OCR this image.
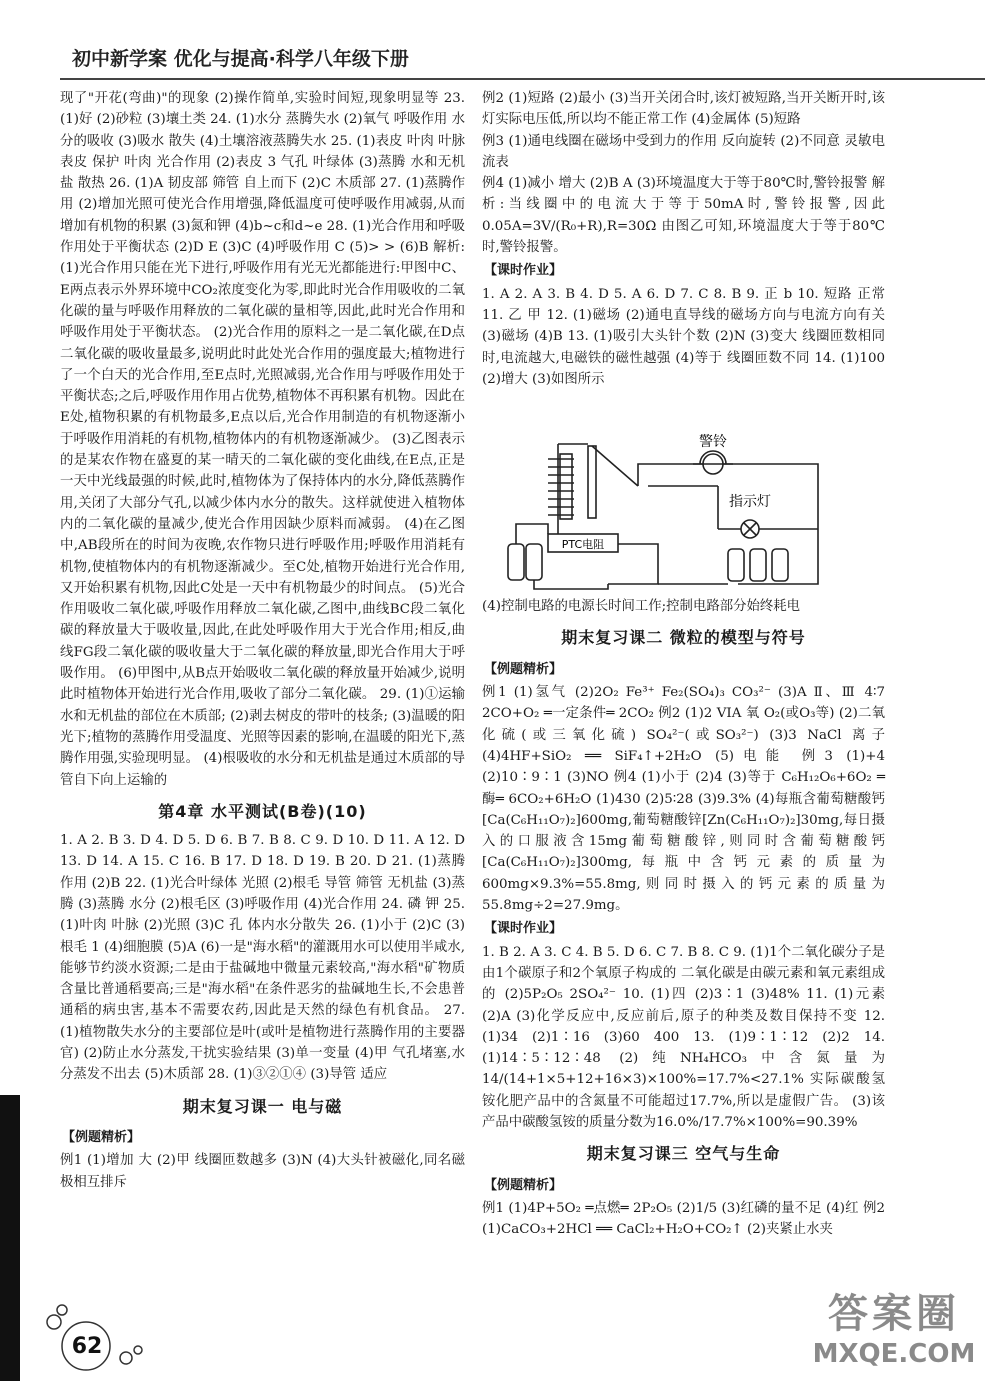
初中新学案 优化与提高·科学八年级下册

现了"开花(弯曲)"的现象 (2)操作简单,实验时间短,现象明显等 23. (1)好 (2)砂粒 (3)壤土类 24. (1)水分 蒸腾失水 (2)氧气 呼吸作用 水分的吸收 (3)吸水 散失 (4)土壤溶液蒸腾失水 25. (1)表皮 叶肉 叶脉 表皮 保护 叶肉 光合作用 (2)表皮 3 气孔 叶绿体 (3)蒸腾 水和无机盐 散热 26. (1)A 韧皮部 筛管 自上而下 (2)C 木质部 27. (1)蒸腾作用 (2)增加光照可使光合作用增强,降低温度可使呼吸作用减弱,从而增加有机物的积累 (3)氮和钾 (4)b~c和d~e 28. (1)光合作用和呼吸作用处于平衡状态 (2)D E (3)C (4)呼吸作用 C (5)> > (6)B 解析:(1)光合作用只能在光下进行,呼吸作用有光无光都能进行:甲图中C、E两点表示外界环境中CO₂浓度变化为零,即此时光合作用吸收的二氧化碳的量与呼吸作用释放的二氧化碳的量相等,因此,此时光合作用和呼吸作用处于平衡状态。 (2)光合作用的原料之一是二氧化碳,在D点二氧化碳的吸收量最多,说明此时此处光合作用的强度最大;植物进行了一个白天的光合作用,至E点时,光照减弱,光合作用与呼吸作用处于平衡状态;之后,呼吸作用作用占优势,植物体不再积累有机物。因此在E处,植物积累的有机物最多,E点以后,光合作用制造的有机物逐渐小于呼吸作用消耗的有机物,植物体内的有机物逐渐减少。 (3)乙图表示的是某农作物在盛夏的某一晴天的二氧化碳的变化曲线,在E点,正是一天中光线最强的时候,此时,植物体为了保持体内的水分,降低蒸腾作用,关闭了大部分气孔,以减少体内水分的散失。这样就使进入植物体内的二氧化碳的量减少,使光合作用因缺少原料而减弱。 (4)在乙图中,AB段所在的时间为夜晚,农作物只进行呼吸作用;呼吸作用消耗有机物,使植物体内的有机物逐渐减少。至C处,植物开始进行光合作用,又开始积累有机物,因此C处是一天中有机物最少的时间点。 (5)光合作用吸收二氧化碳,呼吸作用释放二氧化碳,乙图中,曲线BC段二氧化碳的释放量大于吸收量,因此,在此处呼吸作用大于光合作用;相反,曲线FG段二氧化碳的吸收量大于二氧化碳的释放量,即光合作用大于呼吸作用。 (6)甲图中,从B点开始吸收二氧化碳的释放量开始减少,说明此时植物体开始进行光合作用,吸收了部分二氧化碳。 29. (1)①运输水和无机盐的部位在木质部; (2)剥去树皮的带叶的枝条; (3)温暖的阳光下;植物的蒸腾作用受温度、光照等因素的影响,在温暖的阳光下,蒸腾作用强,实验现明显。 (4)根吸收的水分和无机盐是通过木质部的导管自下向上运输的

第4章 水平测试(B卷)(10)

1. A 2. B 3. D 4. D 5. D 6. B 7. B 8. C 9. D 10. D 11. A 12. D 13. D 14. A 15. C 16. B 17. D 18. D 19. B 20. D 21. (1)蒸腾作用 (2)B 22. (1)光合叶绿体 光照 (2)根毛 导管 筛管 无机盐 (3)蒸腾 (3)蒸腾 水分 (2)根毛区 (3)呼吸作用 (4)光合作用 24. 磷 钾 25. (1)叶肉 叶脉 (2)光照 (3)C 孔 体内水分散失 26. (1)小于 (2)C (3)根毛 1 (4)细胞膜 (5)A (6)一是"海水稻"的灌溉用水可以使用半咸水,能够节约淡水资源;二是由于盐碱地中微量元素较高,"海水稻"矿物质含量比普通稻要高;三是"海水稻"在条件恶劣的盐碱地生长,不会患普通稻的病虫害,基本不需要农药,因此是天然的绿色有机食品。 27. (1)植物散失水分的主要部位是叶(或叶是植物进行蒸腾作用的主要器官) (2)防止水分蒸发,干扰实验结果 (3)单一变量 (4)甲 气孔堵塞,水分蒸发不出去 (5)木质部 28. (1)③②①④ (3)导管 适应

期末复习课一 电与磁
【例题精析】

例1 (1)增加 大 (2)甲 线圈匝数越多 (3)N (4)大头针被磁化,同名磁极相互排斥

例2 (1)短路 (2)最小 (3)当开关闭合时,该灯被短路,当开关断开时,该灯实际电压低,所以均不能正常工作 (4)金属体 (5)短路

例3 (1)通电线圈在磁场中受到力的作用 反向旋转 (2)不同意 灵敏电流表

例4 (1)减小 增大 (2)B A (3)环境温度大于等于80℃时,警铃报警 解析:当线圈中的电流大于等于50mA时,警铃报警,因此0.05A=3V/(R₀+R),R=30Ω 由图乙可知,环境温度大于等于80℃时,警铃报警。

【课时作业】

1. A 2. A 3. B 4. D 5. A 6. D 7. C 8. B 9. 正 b 10. 短路 正常 11. 乙 甲 12. (1)磁场 (2)通电直导线的磁场方向与电流方向有关 (3)磁场 (4)B 13. (1)吸引大头针个数 (2)N (3)变大 线圈匝数相同时,电流越大,电磁铁的磁性越强 (4)等于 线圈匝数不同 14. (1)100 (2)增大 (3)如图所示

警铃
指示灯
PTC电阻

(4)控制电路的电源长时间工作;控制电路部分始终耗电

期末复习课二 微粒的模型与符号
【例题精析】

例1 (1)氢气 (2)2O₂ Fe³⁺ Fe₂(SO₄)₃ CO₃²⁻ (3)A Ⅱ、Ⅲ 4∶7 2CO+O₂ ═一定条件═ 2CO₂ 例2 (1)2 VIA 氧 O₂(或O₃等) (2)二氧化硫(或三氧化硫) SO₄²⁻(或SO₃²⁻) (3)3 NaCl 离子 (4)4HF+SiO₂ ══ SiF₄↑+2H₂O (5)电能 例3 (1)+4 (2)10∶9∶1 (3)NO 例4 (1)小于 (2)4 (3)等于 C₆H₁₂O₆+6O₂ ═酶═ 6CO₂+6H₂O (1)430 (2)5∶28 (3)9.3% (4)每瓶含葡萄糖酸钙[Ca(C₆H₁₁O₇)₂]600mg,葡萄糖酸锌[Zn(C₆H₁₁O₇)₂]30mg,每日摄入的口服液含15mg葡萄糖酸锌,则同时含葡萄糖酸钙[Ca(C₆H₁₁O₇)₂]300mg,每瓶中含钙元素的质量为600mg×9.3%=55.8mg,则同时摄入的钙元素的质量为55.8mg÷2=27.9mg。

【课时作业】

1. B 2. A 3. C 4. B 5. D 6. C 7. B 8. C 9. (1)1个二氧化碳分子是由1个碳原子和2个氧原子构成的 二氧化碳是由碳元素和氧元素组成的 (2)5P₂O₅ 2SO₄²⁻ 10. (1)四 (2)3∶1 (3)48% 11. (1)元素 (2)A (3)化学反应中,反应前后,原子的种类及数目保持不变 12. (1)34 (2)1∶16 (3)60 400 13. (1)9∶1∶12 (2)2 14. (1)14∶5∶12∶48 (2)纯NH₄HCO₃中含氮量为14/(14+1×5+12+16×3)×100%=17.7%<27.1% 实际碳酸氢铵化肥产品中的含氮量不可能超过17.7%,所以是虚假广告。 (3)该产品中碳酸氢铵的质量分数为16.0%/17.7%×100%=90.39%

期末复习课三 空气与生命
【例题精析】

例1 (1)4P+5O₂ ═点燃═ 2P₂O₅ (2)1/5 (3)红磷的量不足 (4)红 例2 (1)CaCO₃+2HCl ══ CaCl₂+H₂O+CO₂↑ (2)夹紧止水夹

62
答案圈
MXQE.COM
